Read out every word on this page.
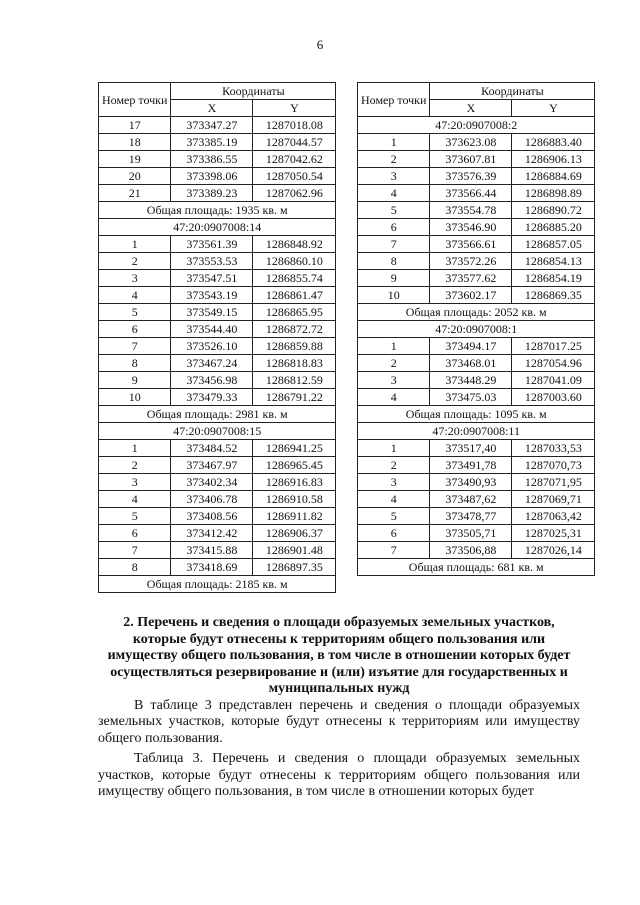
6
Номер точки	Координаты	
	X	Y
17	373347.27	1287018.08
18	373385.19	1287044.57
19	373386.55	1287042.62
20	373398.06	1287050.54
21	373389.23	1287062.96
Общая площадь: 1935 кв. м		
47:20:0907008:14		
1	373561.39	1286848.92
2	373553.53	1286860.10
3	373547.51	1286855.74
4	373543.19	1286861.47
5	373549.15	1286865.95
6	373544.40	1286872.72
7	373526.10	1286859.88
8	373467.24	1286818.83
9	373456.98	1286812.59
10	373479.33	1286791.22
Общая площадь: 2981 кв. м		
47:20:0907008:15		
1	373484.52	1286941.25
2	373467.97	1286965.45
3	373402.34	1286916.83
4	373406.78	1286910.58
5	373408.56	1286911.82
6	373412.42	1286906.37
7	373415.88	1286901.48
8	373418.69	1286897.35
Общая площадь: 2185 кв. м		
Номер точки	Координаты	
	X	Y
47:20:0907008:2		
1	373623.08	1286883.40
2	373607.81	1286906.13
3	373576.39	1286884.69
4	373566.44	1286898.89
5	373554.78	1286890.72
6	373546.90	1286885.20
7	373566.61	1286857.05
8	373572.26	1286854.13
9	373577.62	1286854.19
10	373602.17	1286869.35
Общая площадь: 2052 кв. м		
47:20:0907008:1		
1	373494.17	1287017.25
2	373468.01	1287054.96
3	373448.29	1287041.09
4	373475.03	1287003.60
Общая площадь: 1095 кв. м		
47:20:0907008:11		
1	373517,40	1287033,53
2	373491,78	1287070,73
3	373490,93	1287071,95
4	373487,62	1287069,71
5	373478,77	1287063,42
6	373505,71	1287025,31
7	373506,88	1287026,14
Общая площадь: 681 кв. м		
2. Перечень и сведения о площади образуемых земельных участков, которые будут отнесены к территориям общего пользования или имуществу общего пользования, в том числе в отношении которых будет осуществляться резервирование и (или) изъятие для государственных и муниципальных нужд

В таблице 3 представлен перечень и сведения о площади образуемых земельных участков, которые будут отнесены к территориям или имуществу общего пользования.

Таблица 3. Перечень и сведения о площади образуемых земельных участков, которые будут отнесены к территориям общего пользования или имуществу общего пользования, в том числе в отношении которых будет
